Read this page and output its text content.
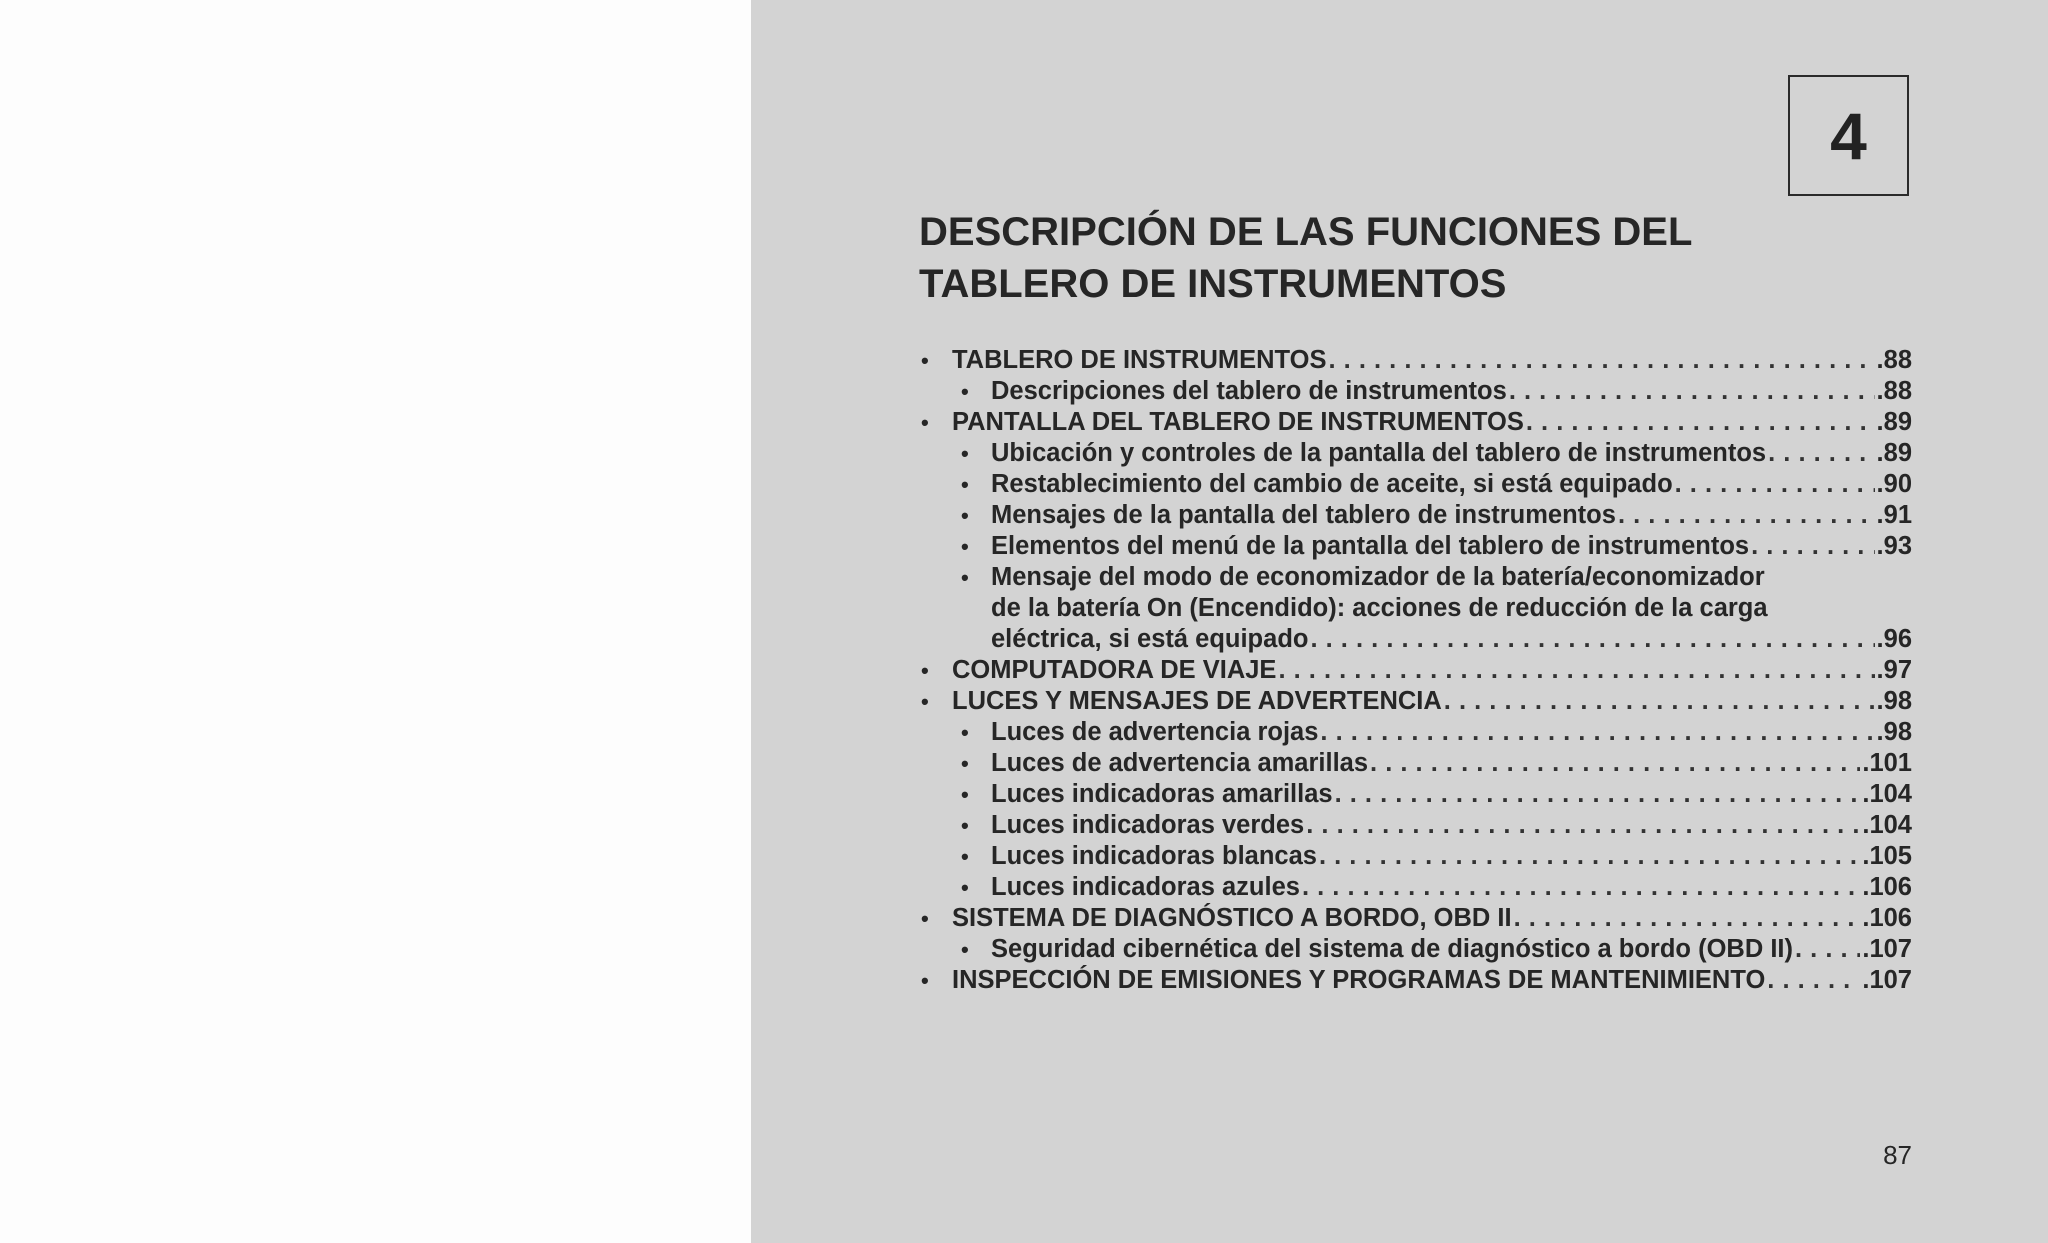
4
DESCRIPCIÓN DE LAS FUNCIONES DEL
TABLERO DE INSTRUMENTOS
• TABLERO DE INSTRUMENTOS . . .	.88
• Descripciones del tablero de instrumentos . . .	.88
• PANTALLA DEL TABLERO DE INSTRUMENTOS . . .	.89
• Ubicación y controles de la pantalla del tablero de instrumentos . . .	.89
• Restablecimiento del cambio de aceite, si está equipado . . .	.90
• Mensajes de la pantalla del tablero de instrumentos . . .	.91
• Elementos del menú de la pantalla del tablero de instrumentos . . .	.93
• Mensaje del modo de economizador de la batería/economizador
de la batería On (Encendido): acciones de reducción de la carga
eléctrica, si está equipado . . .	.96
• COMPUTADORA DE VIAJE . . .	.97
• LUCES Y MENSAJES DE ADVERTENCIA . . .	.98
• Luces de advertencia rojas . . .	.98
• Luces de advertencia amarillas . . .	.101
• Luces indicadoras amarillas . . .	.104
• Luces indicadoras verdes . . .	.104
• Luces indicadoras blancas . . .	.105
• Luces indicadoras azules . . .	.106
• SISTEMA DE DIAGNÓSTICO A BORDO, OBD II . . .	.106
• Seguridad cibernética del sistema de diagnóstico a bordo (OBD II) . . .	.107
• INSPECCIÓN DE EMISIONES Y PROGRAMAS DE MANTENIMIENTO . . .	.107
87
